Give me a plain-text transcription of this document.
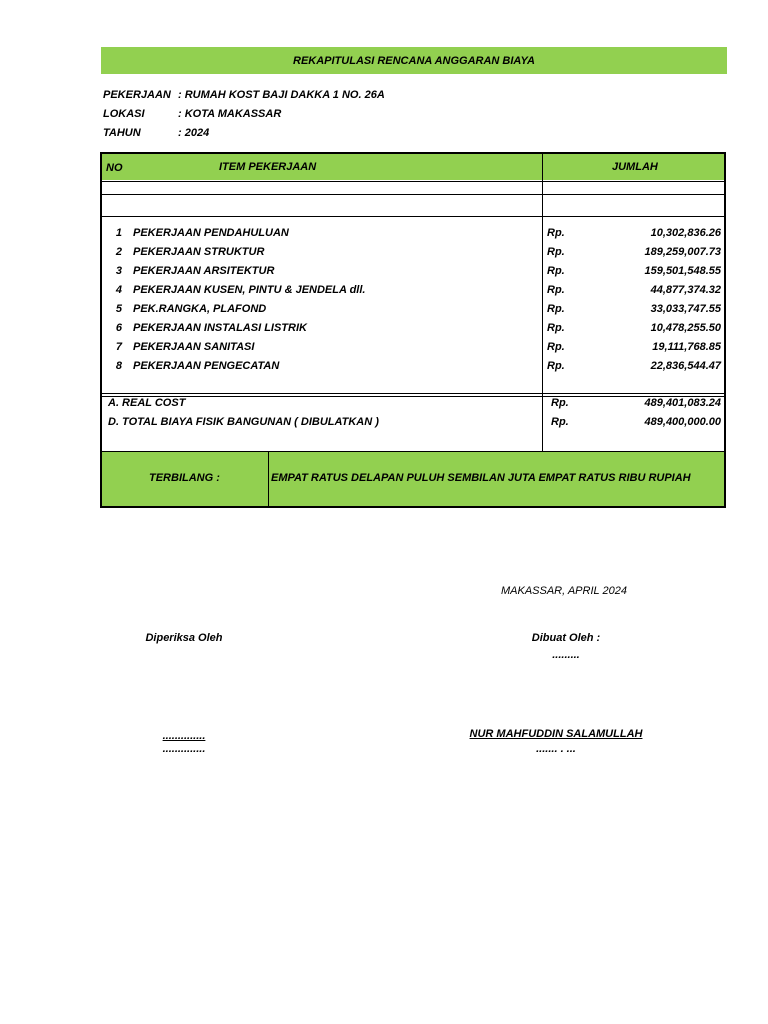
REKAPITULASI RENCANA ANGGARAN BIAYA
PEKERJAAN : RUMAH KOST BAJI DAKKA 1 NO. 26A
LOKASI	: KOTA MAKASSAR
TAHUN	: 2024
NO	ITEM PEKERJAAN	JUMLAH
1 PEKERJAAN PENDAHULUAN	Rp.	10,302,836.26
2 PEKERJAAN STRUKTUR	Rp.	189,259,007.73
3 PEKERJAAN ARSITEKTUR	Rp.	159,501,548.55
4 PEKERJAAN KUSEN, PINTU & JENDELA dll.	Rp.	44,877,374.32
5 PEK.RANGKA, PLAFOND	Rp.	33,033,747.55
6 PEKERJAAN INSTALASI LISTRIK	Rp.	10,478,255.50
7 PEKERJAAN SANITASI	Rp.	19,111,768.85
8 PEKERJAAN PENGECATAN	Rp.	22,836,544.47
A. REAL COST	Rp.	489,401,083.24
D. TOTAL BIAYA FISIK BANGUNAN ( DIBULATKAN )	Rp.	489,400,000.00
TERBILANG :	EMPAT RATUS DELAPAN PULUH SEMBILAN JUTA EMPAT RATUS RIBU RUPIAH
MAKASSAR, APRIL 2024
Diperiksa Oleh
..............
..............
Dibuat Oleh :
.........
NUR MAHFUDDIN SALAMULLAH
....... . ...
